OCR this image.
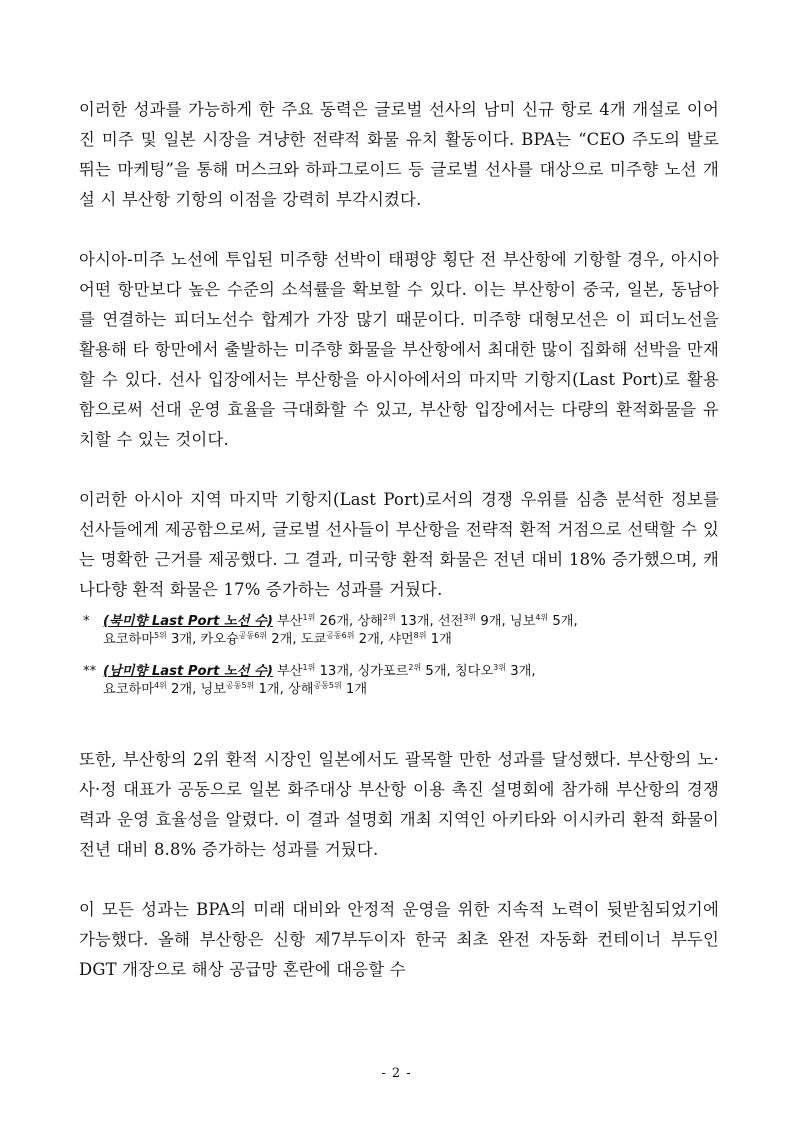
이러한 성과를 가능하게 한 주요 동력은 글로벌 선사의 남미 신규 항로 4개 개설로 이어진 미주 및 일본 시장을 겨냥한 전략적 화물 유치 활동이다. BPA는 “CEO 주도의 발로 뛰는 마케팅”을 통해 머스크와 하파그로이드 등 글로벌 선사를 대상으로 미주향 노선 개설 시 부산항 기항의 이점을 강력히 부각시켰다.

아시아-미주 노선에 투입된 미주향 선박이 태평양 횡단 전 부산항에 기항할 경우, 아시아 어떤 항만보다 높은 수준의 소석률을 확보할 수 있다. 이는 부산항이 중국, 일본, 동남아를 연결하는 피더노선수 합계가 가장 많기 때문이다. 미주향 대형모선은 이 피더노선을 활용해 타 항만에서 출발하는 미주향 화물을 부산항에서 최대한 많이 집화해 선박을 만재할 수 있다. 선사 입장에서는 부산항을 아시아에서의 마지막 기항지(Last Port)로 활용함으로써 선대 운영 효율을 극대화할 수 있고, 부산항 입장에서는 다량의 환적화물을 유치할 수 있는 것이다.

이러한 아시아 지역 마지막 기항지(Last Port)로서의 경쟁 우위를 심층 분석한 정보를 선사들에게 제공함으로써, 글로벌 선사들이 부산항을 전략적 환적 거점으로 선택할 수 있는 명확한 근거를 제공했다. 그 결과, 미국향 환적 화물은 전년 대비 18% 증가했으며, 캐나다향 환적 화물은 17% 증가하는 성과를 거뒀다.

* (북미향 Last Port 노선 수) 부산$^{1위}$ 26개, 상해$^{2위}$ 13개, 선전$^{3위}$ 9개, 닝보$^{4위}$ 5개,
요코하마$^{5위}$ 3개, 카오슝$^{공동6위}$ 2개, 도쿄$^{공동6위}$ 2개, 샤먼$^{8위}$ 1개

** (남미향 Last Port 노선 수) 부산$^{1위}$ 13개, 싱가포르$^{2위}$ 5개, 칭다오$^{3위}$ 3개,
요코하마$^{4위}$ 2개, 닝보$^{공동5위}$ 1개, 상해$^{공동5위}$ 1개

또한, 부산항의 2위 환적 시장인 일본에서도 괄목할 만한 성과를 달성했다. 부산항의 노·사·정 대표가 공동으로 일본 화주대상 부산항 이용 촉진 설명회에 참가해 부산항의 경쟁력과 운영 효율성을 알렸다. 이 결과 설명회 개최 지역인 아키타와 이시카리 환적 화물이 전년 대비 8.8% 증가하는 성과를 거뒀다.

이 모든 성과는 BPA의 미래 대비와 안정적 운영을 위한 지속적 노력이 뒷받침되었기에 가능했다. 올해 부산항은 신항 제7부두이자 한국 최초 완전 자동화 컨테이너 부두인 DGT 개장으로 해상 공급망 혼란에 대응할 수

- 2 -
